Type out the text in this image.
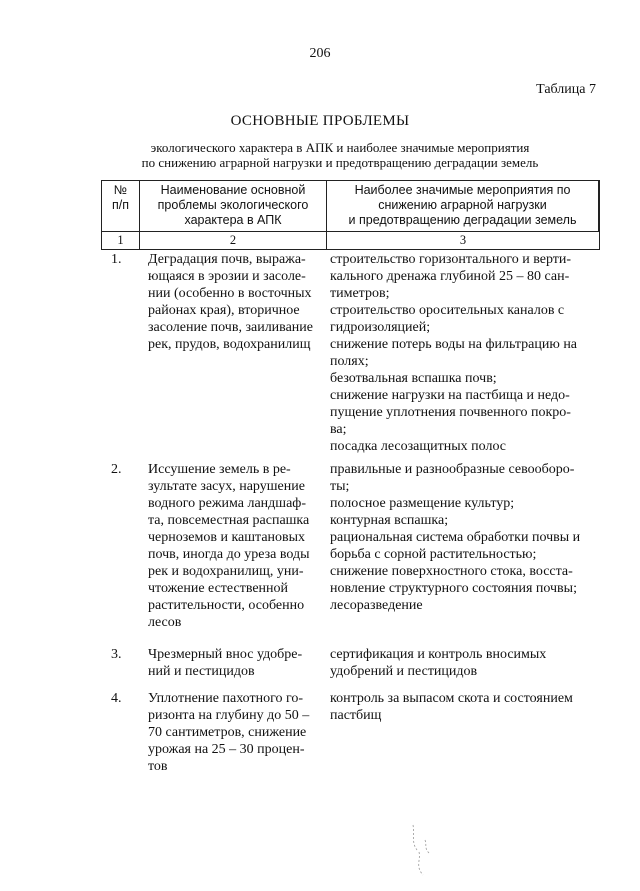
206
Таблица 7
ОСНОВНЫЕ ПРОБЛЕМЫ
экологического характера в АПК и наиболее значимые мероприятия
по снижению аграрной нагрузки и предотвращению деградации земель
№
п/п
Наименование основной
проблемы экологического
характера в АПК
Наиболее значимые мероприятия по
снижению аграрной нагрузки
и предотвращению деградации земель
1	2	3
1. Деградация почв, выража-
ющаяся в эрозии и засоле-
нии (особенно в восточных
районах края), вторичное
засоление почв, заиливание
рек, прудов, водохранилищ
строительство горизонтального и верти-
кального дренажа глубиной 25 – 80 сан-
тиметров;
строительство оросительных каналов с
гидроизоляцией;
снижение потерь воды на фильтрацию на
полях;
безотвальная вспашка почв;
снижение нагрузки на пастбища и недо-
пущение уплотнения почвенного покро-
ва;
посадка лесозащитных полос
2. Иссушение земель в ре-
зультате засух, нарушение
водного режима ландшаф-
та, повсеместная распашка
черноземов и каштановых
почв, иногда до уреза воды
рек и водохранилищ, уни-
чтожение естественной
растительности, особенно
лесов
правильные и разнообразные севооборо-
ты;
полосное размещение культур;
контурная вспашка;
рациональная система обработки почвы и
борьба с сорной растительностью;
снижение поверхностного стока, восста-
новление структурного состояния почвы;
лесоразведение
3. Чрезмерный внос удобре-
ний и пестицидов
сертификация и контроль вносимых
удобрений и пестицидов
4. Уплотнение пахотного го-
ризонта на глубину до 50 –
70 сантиметров, снижение
урожая на 25 – 30 процен-
тов
контроль за выпасом скота и состоянием
пастбищ
